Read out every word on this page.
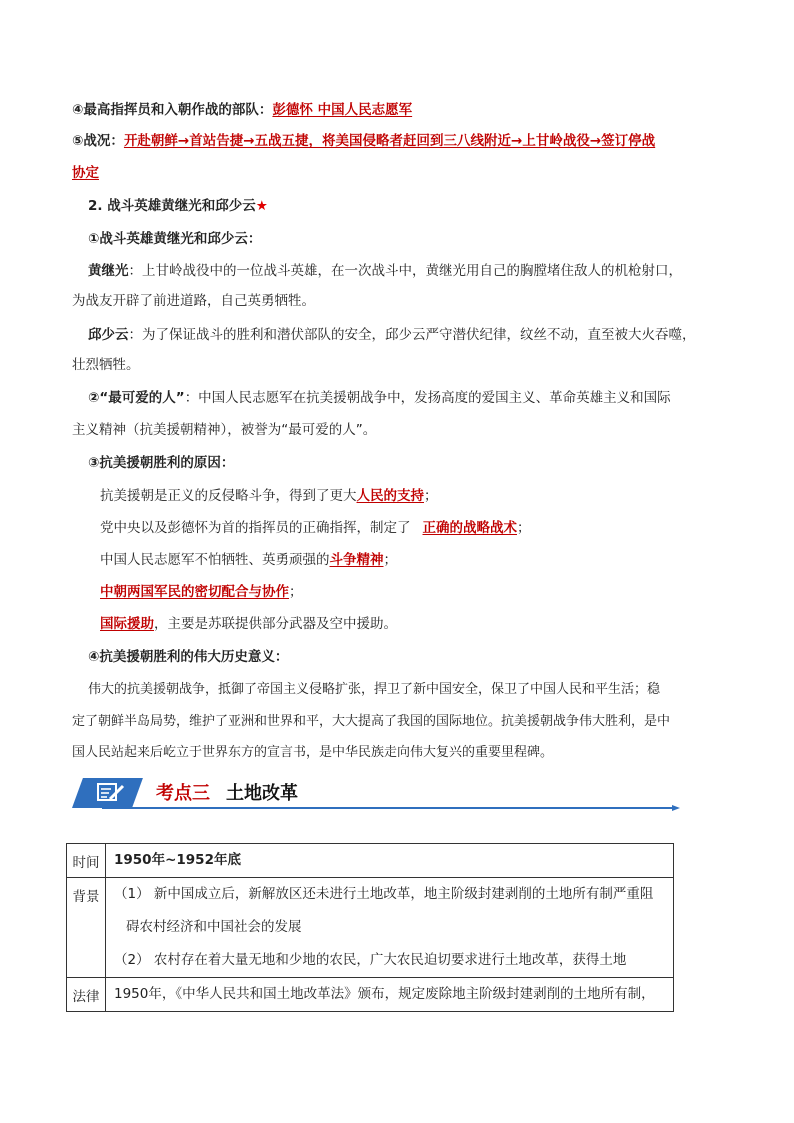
④最高指挥员和入朝作战的部队：彭德怀 中国人民志愿军
⑤战况：开赴朝鲜→首站告捷→五战五捷，将美国侵略者赶回到三八线附近→上甘岭战役→签订停战
协定
2. 战斗英雄黄继光和邱少云★
①战斗英雄黄继光和邱少云：
黄继光：上甘岭战役中的一位战斗英雄，在一次战斗中，黄继光用自己的胸膛堵住敌人的机枪射口，
为战友开辟了前进道路，自己英勇牺牲。
邱少云：为了保证战斗的胜利和潜伏部队的安全，邱少云严守潜伏纪律，纹丝不动，直至被大火吞噬，
壮烈牺牲。
②“最可爱的人”：中国人民志愿军在抗美援朝战争中，发扬高度的爱国主义、革命英雄主义和国际
主义精神（抗美援朝精神），被誉为“最可爱的人”。
③抗美援朝胜利的原因：
抗美援朝是正义的反侵略斗争，得到了更大人民的支持；
党中央以及彭德怀为首的指挥员的正确指挥，制定了 正确的战略战术；
中国人民志愿军不怕牺牲、英勇顽强的斗争精神；
中朝两国军民的密切配合与协作；
国际援助，主要是苏联提供部分武器及空中援助。
④抗美援朝胜利的伟大历史意义：
伟大的抗美援朝战争，抵御了帝国主义侵略扩张，捍卫了新中国安全，保卫了中国人民和平生活；稳
定了朝鲜半岛局势，维护了亚洲和世界和平，大大提高了我国的国际地位。抗美援朝战争伟大胜利，是中
国人民站起来后屹立于世界东方的宣言书，是中华民族走向伟大复兴的重要里程碑。
考点三 土地改革
时间	1950年~1952年底

背景	（1） 新中国成立后，新解放区还未进行土地改革，地主阶级封建剥削的土地所有制严重阻
碍农村经济和中国社会的发展
（2） 农村存在着大量无地和少地的农民，广大农民迫切要求进行土地改革，获得土地

法律	1950年，《中华人民共和国土地改革法》颁布，规定废除地主阶级封建剥削的土地所有制，
